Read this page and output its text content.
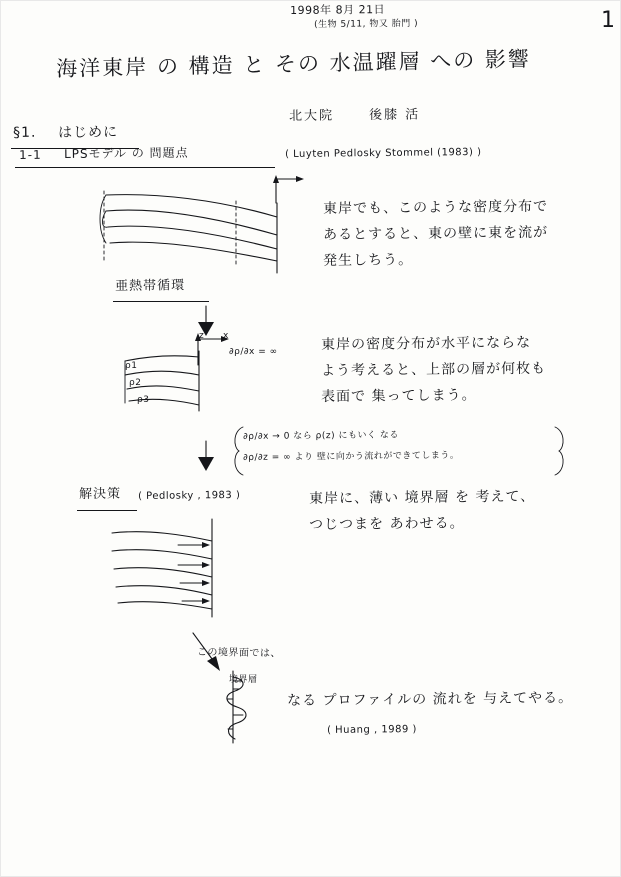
1998年 8月 21日
(生物 5/11, 物又 胎門 )	1
海洋東岸 の 構造 と その 水温躍層 への 影響
北大院	後膝 活
§1. はじめに
1-1 LPSモデル の 問題点	( Luyten Pedlosky Stommel (1983) )
亜熱帯循環
東岸でも、このような密度分布で
あるとすると、東の壁に東を流が
発生しちう。
ρ1
ρ2
ρ3
z x
∂ρ/∂x = ∞	東岸の密度分布が水平にならな
よう考えると、上部の層が何枚も
表面で 集ってしまう。
∂ρ/∂x → 0 なら ρ(z) にもいく なる
∂ρ/∂z = ∞ より 壁に向かう流れができてしまう。
解決策 ( Pedlosky , 1983 )	東岸に、薄い 境界層 を 考えて、
つじつまを あわせる。
この境界面では、
境界層
なる プロファイルの 流れを 与えてやる。
( Huang , 1989 )
